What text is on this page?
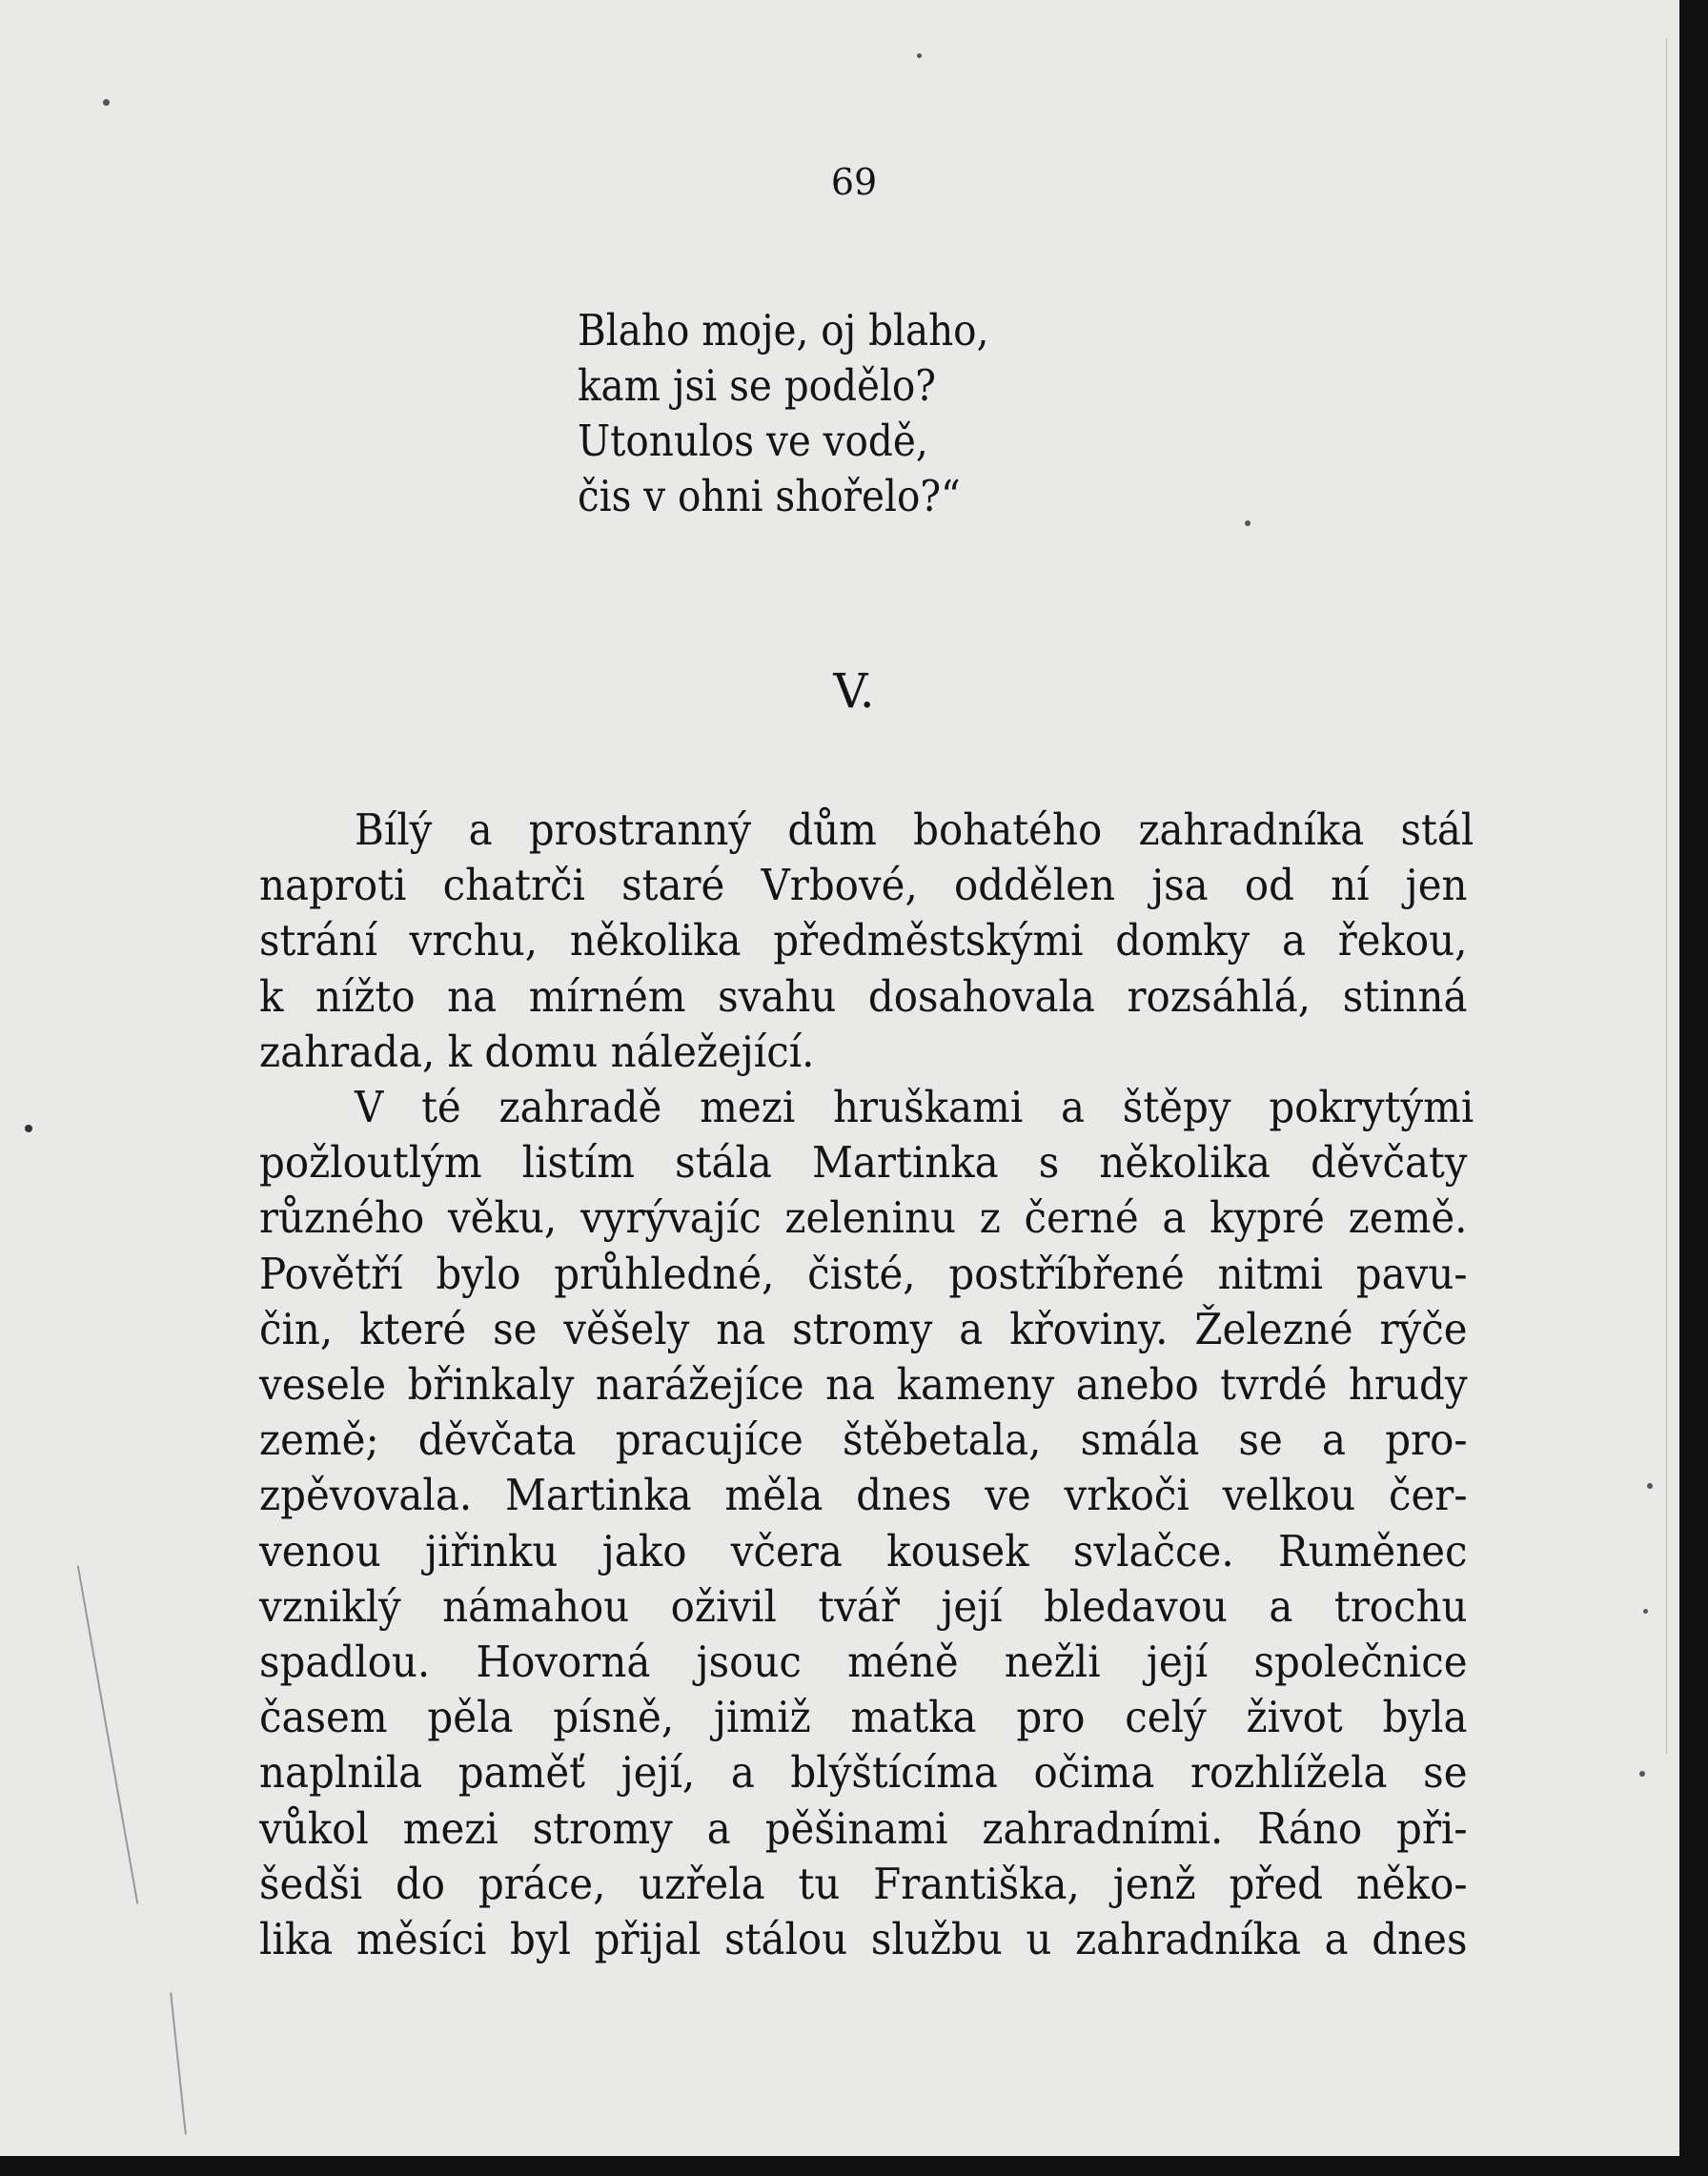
69
Blaho moje, oj blaho,
kam jsi se podělo?
Utonulos ve vodě,
čis v ohni shořelo?“
V.
Bílý a prostranný dům bohatého zahradníka stál
naproti chatrči staré Vrbové, oddělen jsa od ní jen
strání vrchu, několika předměstskými domky a řekou,
k nížto na mírném svahu dosahovala rozsáhlá, stinná
zahrada, k domu náležející.
V té zahradě mezi hruškami a štěpy pokrytými
požloutlým listím stála Martinka s několika děvčaty
různého věku, vyrývajíc zeleninu z černé a kypré země.
Povětří bylo průhledné, čisté, postříbřené nitmi pavu-
čin, které se věšely na stromy a křoviny. Železné rýče
vesele břinkaly narážejíce na kameny anebo tvrdé hrudy
země; děvčata pracujíce štěbetala, smála se a pro-
zpěvovala. Martinka měla dnes ve vrkoči velkou čer-
venou jiřinku jako včera kousek svlačce. Ruměnec
vzniklý námahou oživil tvář její bledavou a trochu
spadlou. Hovorná jsouc méně nežli její společnice
časem pěla písně, jimiž matka pro celý život byla
naplnila paměť její, a blýštícíma očima rozhlížela se
vůkol mezi stromy a pěšinami zahradními. Ráno při-
šedši do práce, uzřela tu Františka, jenž před něko-
lika měsíci byl přijal stálou službu u zahradníka a dnes
